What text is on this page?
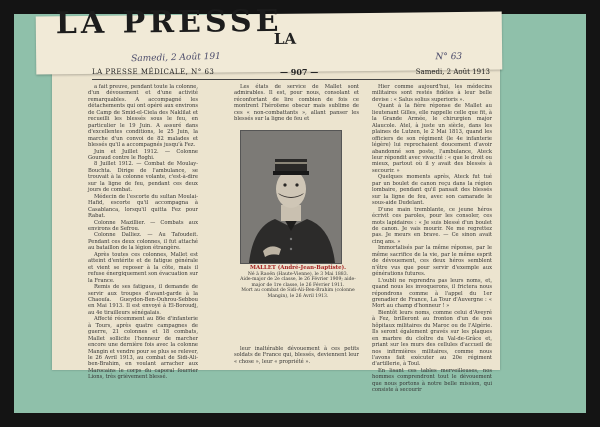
LA PRESSE
LA
Samedi, 2 Août 191	N° 63
LA PRESSE MÉDICALE, N° 63	— 907 —	Samedi, 2 Août 1913

a fait preuve, pendant toute la colonne, d'un dévouement et d'une activité remarquables. A accompagné les détachements qui ont opéré aux environs de Camp de Smid-el-Ciela des Naklilat et recueilli les blessés sous le feu, en particulier le 19 Juin. A assuré dans d'excellentes conditions, le 25 Juin, la marche d'un convoi de 82 malades et blessés qu'il a accompagnés jusqu'à Fez.

Juin et Juillet 1912. — Colonne Gouraud contre le Roghi.

8 Juillet 1912. — Combat de Moulay-Bouchta. Dirige de l'ambulance, se trouvait à la colonne volante, c'est-à-dire sur la ligne de feu, pendant ces deux jours de combat.

Médecin de l'escorte du sultan Moulai-Hafid, escorte qu'il accompagna à Casablanca, lorsqu'il quitta Fez pour Rabat.

Colonne Mazillier. — Combats aux environs de Sefrou.

Colonne Dalliez. — Au Tafoudeit. Pendant ces deux colonnes, il fut attaché au bataillon de la légion étrangère.

Après toutes ces colonnes, Mallet est atteint d'entérite et de fatigue générale et vient se reposer à la côte, mais il refuse énergiquement son évacuation sur la France.

Remis de ses fatigues, il demande de servir aux troupes d'avant-garde à la Chaouïa. Gueydon-Ben-Ouhrou-Sebbou en Mai 1913. Il est envoyé à El-Boroudj, au 4e tirailleurs sénégalais.

Affecté récemment au 86e d'infanterie à Tours, après quatre campagnes de guerre, 21 colonnes et 18 combats, Mallet sollicite l'honneur de marcher encore une dernière fois avec la colonne Mangin et vendre pour se plus se relever, le 26 Avril 1913, au combat de Sidi-Ali-ben-Brahim, en voulant arracher aux Marocains le corps du caporal fourrier Lions, très grièvement blessé.

Les états de service de Mallet sont admirables. Il est, pour nous, consolant et réconfortant de lire combien de fois ce montrent l'héroïsme obscur mais sublime de ces « non-combattants », allant panser les blessés sur la ligne de feu et

MALLET (André-Jean-Baptiste).
Né à Raoën (Haute-Vienne), le 3 Mai 1883.
Aide-major de 2e classe, le 26 Février 1909; aide-major de 1re classe, le 26 Février 1911.
Mort au combat de Sidi-Ali-Ben-Brahim (colonne Mangin), le 26 Avril 1913.

leur inaltérable dévouement à ces petits soldats de France qui, blessés, deviennent leur « chose », leur « propriété ».

Hier comme aujourd'hui, les médecins militaires sont restés fidèles à leur belle devise : « Salus solius superioris ».

Quant à la fière réponse de Mallet au lieutenant Gilles, elle rappelle celle que fit, à la Grande Armée, le chirurgien major Alaucole. Atel, à juste un siècle, dans les plaines de Lutzen, le 2 Mai 1813, quand les officiers de son régiment (le 4e infanterie légère) lui reprochaient doucement d'avoir abandonné son poste, l'ambulance, Ateck leur répondit avec vivacité : « que le droit ou mieux, partout où il y avait des blessés à secourir. »

Quelques moments après, Ateck fut tué par un boulet de canon reçu dans la région lombaire, pendant qu'il pansait des blessés sur la ligne de feu, avec son camarade le sous-aide Dudelant.

D'une main tremblante, ce jeune héros écrivit ces paroles, pour les consoler, ces mots lapidaires : « Je suis blessé d'un boulet de canon. Je vais mourir. Ne me regrettez pas. Je meurs en brave. — Ce sinon avait cinq ans. »

Immortalisés par la même réponse, par le même sacrifice de la vie, par le même esprit de dévouement, ces deux héros semblent n'être vus que pour servir d'exemple aux générations futures.

L'oubli ne reprendra pas leurs noms, et, quand nous les invoquerons, il frictera nous répondrons comme à l'appel du 1er grenadier de France, La Tour d'Auvergne : « Mort au champ d'honneur ! »

Bientôt leurs noms, comme celui d'Aveyré à Fez, brilleront au fronton d'un de nos hôpitaux militaires du Maroc ou de l'Algérie. Ils seront également gravés sur les plaques en marbre du cloître du Val-de-Grâce et, priant sur les murs des cellules d'accueil de nos infirmières militaires, comme nous l'avons fait exécuter au 20e régiment d'artillerie, à Toul.

En lisant ces tables merveilleuses, nos hommes comprendront tout le dévouement que nous portons à notre belle mission, qui consiste à secourir
